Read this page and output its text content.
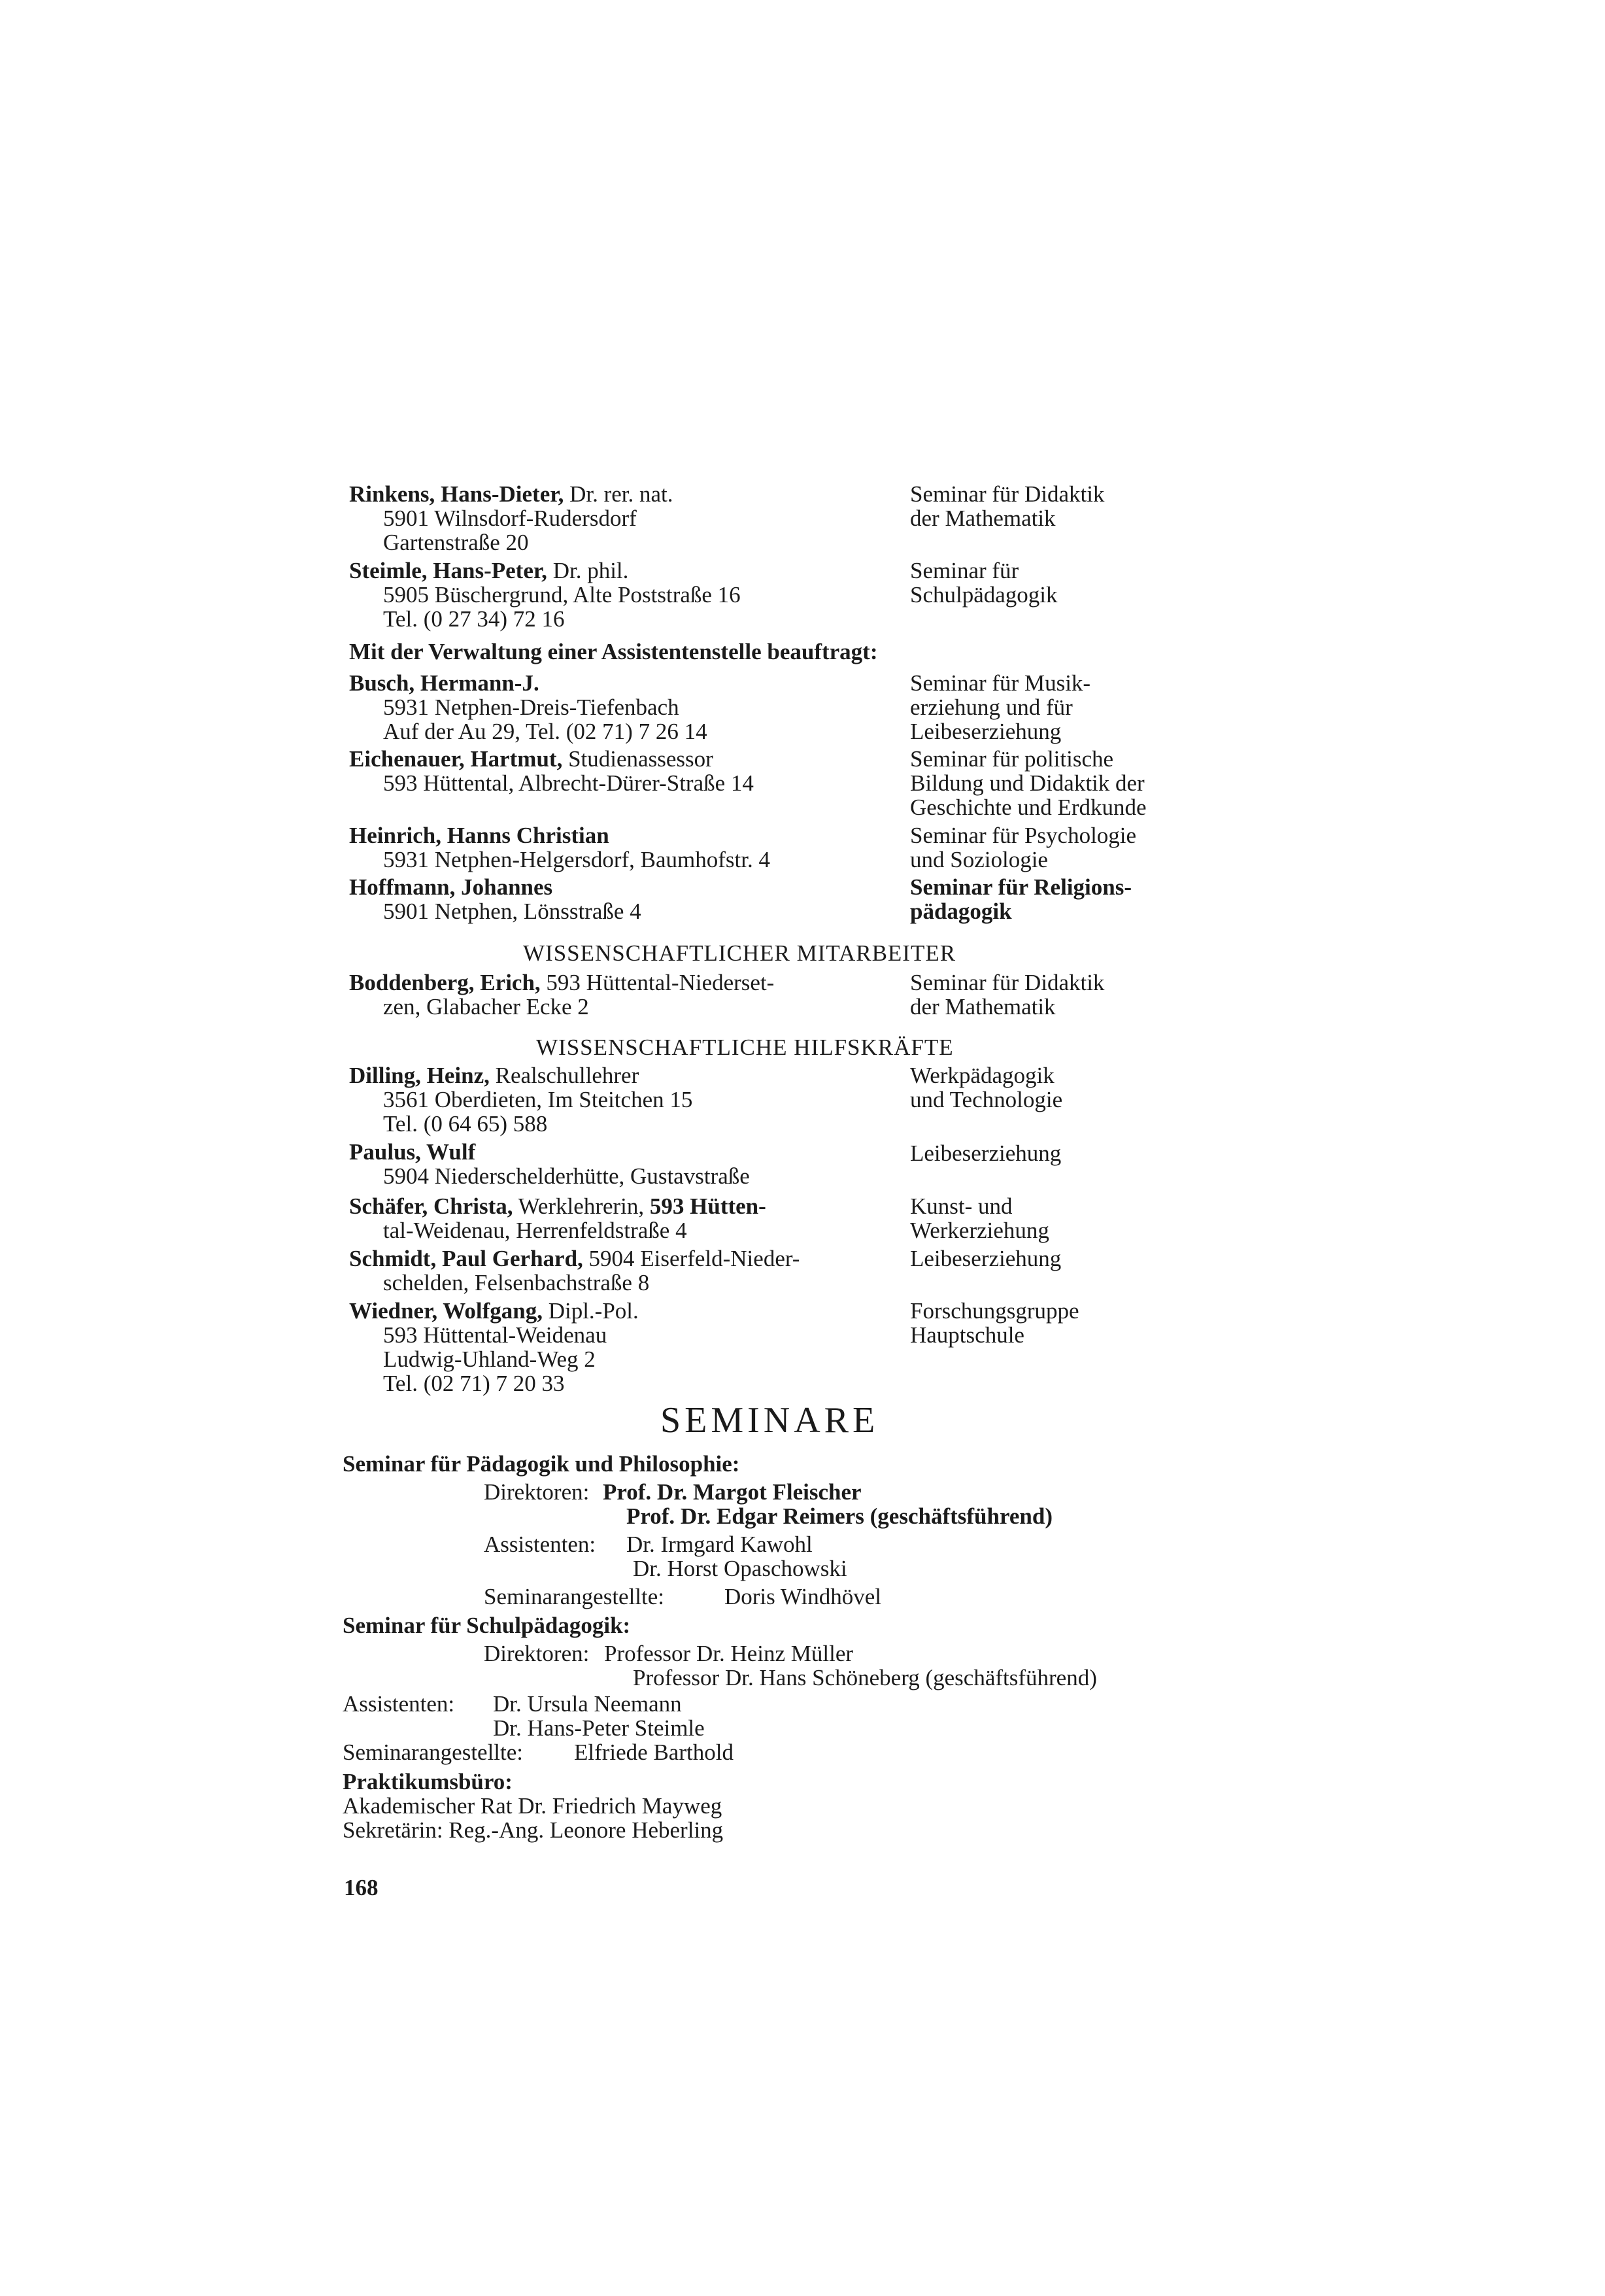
Rinkens, Hans-Dieter, Dr. rer. nat.
5901 Wilnsdorf-Rudersdorf
Gartenstraße 20
Seminar für Didaktik
der Mathematik
Steimle, Hans-Peter, Dr. phil.
5905 Büschergrund, Alte Poststraße 16
Tel. (0 27 34) 72 16
Seminar für
Schulpädagogik
Mit der Verwaltung einer Assistentenstelle beauftragt:
Busch, Hermann-J.
5931 Netphen-Dreis-Tiefenbach
Auf der Au 29, Tel. (02 71) 7 26 14
Seminar für Musik-
erziehung und für
Leibeserziehung
Eichenauer, Hartmut, Studienassessor
593 Hüttental, Albrecht-Dürer-Straße 14
Seminar für politische
Bildung und Didaktik der
Geschichte und Erdkunde
Heinrich, Hanns Christian
5931 Netphen-Helgersdorf, Baumhofstr. 4
Seminar für Psychologie
und Soziologie
Hoffmann, Johannes
5901 Netphen, Lönsstraße 4
Seminar für Religions-
pädagogik
WISSENSCHAFTLICHER MITARBEITER
Boddenberg, Erich, 593 Hüttental-Niederset-
zen, Glabacher Ecke 2
Seminar für Didaktik
der Mathematik
WISSENSCHAFTLICHE HILFSKRÄFTE
Dilling, Heinz, Realschullehrer
3561 Oberdieten, Im Steitchen 15
Tel. (0 64 65) 588
Werkpädagogik
und Technologie
Paulus, Wulf
5904 Niederschelderhütte, Gustavstraße
Leibeserziehung
Schäfer, Christa, Werklehrerin, 593 Hütten-
tal-Weidenau, Herrenfeldstraße 4
Kunst- und
Werkerziehung
Schmidt, Paul Gerhard, 5904 Eiserfeld-Nieder-
schelden, Felsenbachstraße 8
Leibeserziehung
Wiedner, Wolfgang, Dipl.-Pol.
593 Hüttental-Weidenau
Ludwig-Uhland-Weg 2
Tel. (02 71) 7 20 33
Forschungsgruppe
Hauptschule
SEMINARE
Seminar für Pädagogik und Philosophie:
Direktoren: Prof. Dr. Margot Fleischer
Prof. Dr. Edgar Reimers (geschäftsführend)
Assistenten: Dr. Irmgard Kawohl
Dr. Horst Opaschowski
Seminarangestellte:	Doris Windhövel
Seminar für Schulpädagogik:
Direktoren: Professor Dr. Heinz Müller
Professor Dr. Hans Schöneberg (geschäftsführend)
Assistenten: Dr. Ursula Neemann
Dr. Hans-Peter Steimle
Seminarangestellte: Elfriede Barthold
Praktikumsbüro:
Akademischer Rat Dr. Friedrich Mayweg
Sekretärin: Reg.-Ang. Leonore Heberling
168
